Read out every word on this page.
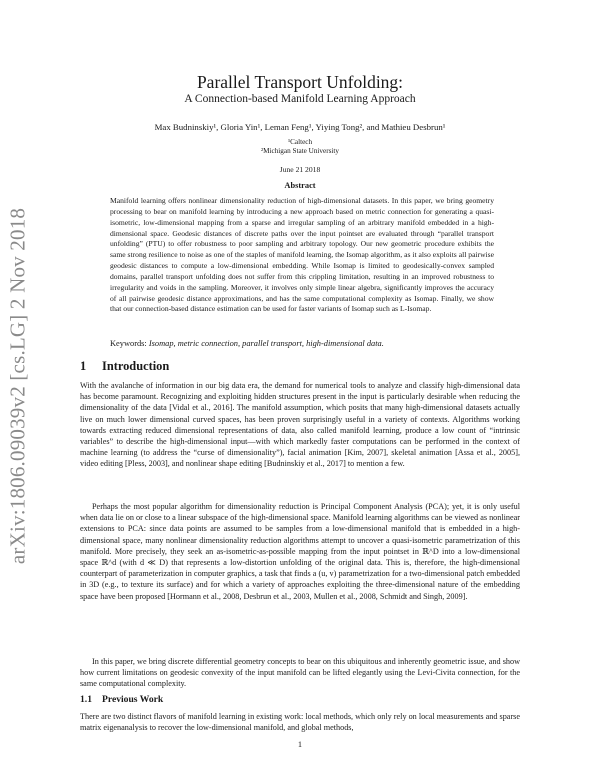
arXiv:1806.09039v2 [cs.LG] 2 Nov 2018
Parallel Transport Unfolding:
A Connection-based Manifold Learning Approach
Max Budninskiy¹, Gloria Yin¹, Leman Feng¹, Yiying Tong², and Mathieu Desbrun¹
¹Caltech
²Michigan State University
June 21 2018
Abstract

Manifold learning offers nonlinear dimensionality reduction of high-dimensional datasets. In this paper, we bring geometry processing to bear on manifold learning by introducing a new approach based on metric connection for generating a quasi-isometric, low-dimensional mapping from a sparse and irregular sampling of an arbitrary manifold embedded in a high-dimensional space. Geodesic distances of discrete paths over the input pointset are evaluated through “parallel transport unfolding” (PTU) to offer robustness to poor sampling and arbitrary topology. Our new geometric procedure exhibits the same strong resilience to noise as one of the staples of manifold learning, the Isomap algorithm, as it also exploits all pairwise geodesic distances to compute a low-dimensional embedding. While Isomap is limited to geodesically-convex sampled domains, parallel transport unfolding does not suffer from this crippling limitation, resulting in an improved robustness to irregularity and voids in the sampling. Moreover, it involves only simple linear algebra, significantly improves the accuracy of all pairwise geodesic distance approximations, and has the same computational complexity as Isomap. Finally, we show that our connection-based distance estimation can be used for faster variants of Isomap such as L-Isomap.

Keywords: Isomap, metric connection, parallel transport, high-dimensional data.

1 Introduction

With the avalanche of information in our big data era, the demand for numerical tools to analyze and classify high-dimensional data has become paramount. Recognizing and exploiting hidden structures present in the input is particularly desirable when reducing the dimensionality of the data [Vidal et al., 2016]. The manifold assumption, which posits that many high-dimensional datasets actually live on much lower dimensional curved spaces, has been proven surprisingly useful in a variety of contexts. Algorithms working towards extracting reduced dimensional representations of data, also called manifold learning, produce a low count of “intrinsic variables” to describe the high-dimensional input—with which markedly faster computations can be performed in the context of machine learning (to address the “curse of dimensionality”), facial animation [Kim, 2007], skeletal animation [Assa et al., 2005], video editing [Pless, 2003], and nonlinear shape editing [Budninskiy et al., 2017] to mention a few.

Perhaps the most popular algorithm for dimensionality reduction is Principal Component Analysis (PCA); yet, it is only useful when data lie on or close to a linear subspace of the high-dimensional space. Manifold learning algorithms can be viewed as nonlinear extensions to PCA: since data points are assumed to be samples from a low-dimensional manifold that is embedded in a high-dimensional space, many nonlinear dimensionality reduction algorithms attempt to uncover a quasi-isometric parametrization of this manifold. More precisely, they seek an as-isometric-as-possible mapping from the input pointset in ℝ^D into a low-dimensional space ℝ^d (with d ≪ D) that represents a low-distortion unfolding of the original data. This is, therefore, the high-dimensional counterpart of parameterization in computer graphics, a task that finds a (u, v) parametrization for a two-dimensional patch embedded in 3D (e.g., to texture its surface) and for which a variety of approaches exploiting the three-dimensional nature of the embedding space have been proposed [Hormann et al., 2008, Desbrun et al., 2003, Mullen et al., 2008, Schmidt and Singh, 2009].

In this paper, we bring discrete differential geometry concepts to bear on this ubiquitous and inherently geometric issue, and show how current limitations on geodesic convexity of the input manifold can be lifted elegantly using the Levi-Civita connection, for the same computational complexity.

1.1 Previous Work

There are two distinct flavors of manifold learning in existing work: local methods, which only rely on local measurements and sparse matrix eigenanalysis to recover the low-dimensional manifold, and global methods,

1
